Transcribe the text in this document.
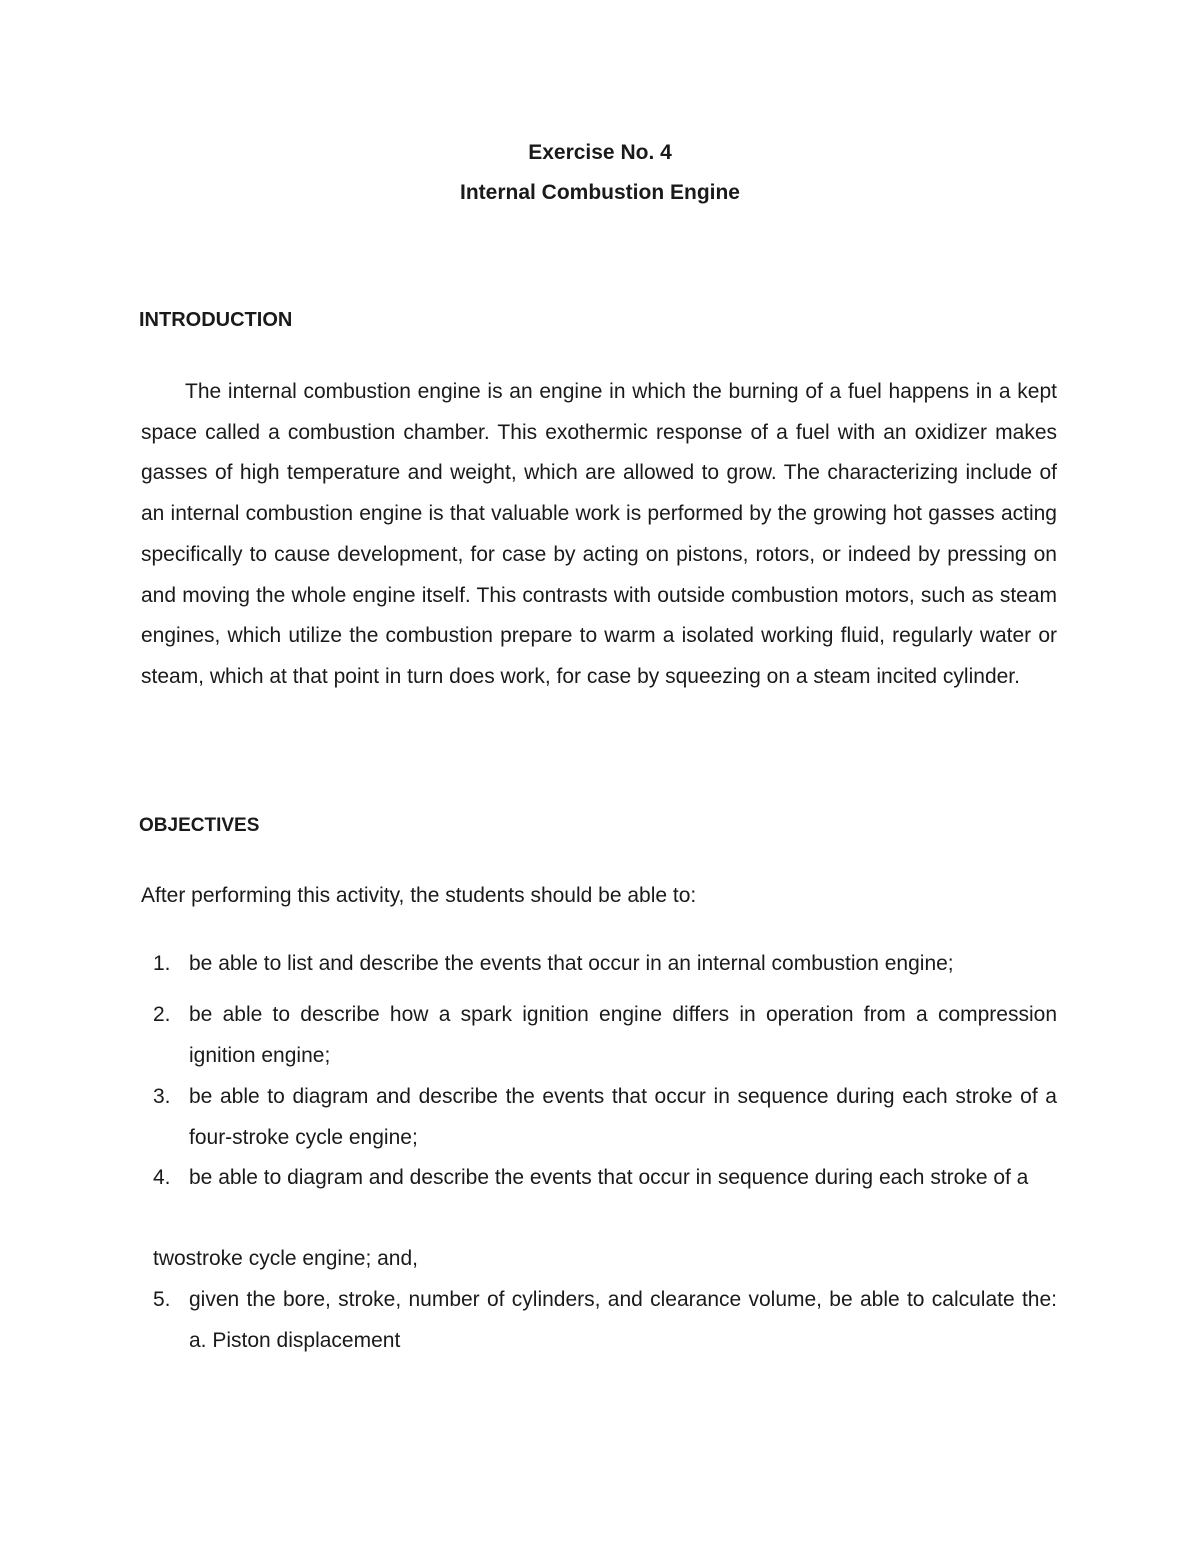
Exercise No. 4
Internal Combustion Engine
INTRODUCTION

The internal combustion engine is an engine in which the burning of a fuel happens in a kept space called a combustion chamber. This exothermic response of a fuel with an oxidizer makes gasses of high temperature and weight, which are allowed to grow. The characterizing include of an internal combustion engine is that valuable work is performed by the growing hot gasses acting specifically to cause development, for case by acting on pistons, rotors, or indeed by pressing on and moving the whole engine itself. This contrasts with outside combustion motors, such as steam engines, which utilize the combustion prepare to warm a isolated working fluid, regularly water or steam, which at that point in turn does work, for case by squeezing on a steam incited cylinder.

OBJECTIVES

After performing this activity, the students should be able to:

1. be able to list and describe the events that occur in an internal combustion engine;
2. be able to describe how a spark ignition engine differs in operation from a compression ignition engine;
3. be able to diagram and describe the events that occur in sequence during each stroke of a four-stroke cycle engine;
4. be able to diagram and describe the events that occur in sequence during each stroke of a
twostroke cycle engine; and,
5. given the bore, stroke, number of cylinders, and clearance volume, be able to calculate the: a. Piston displacement
